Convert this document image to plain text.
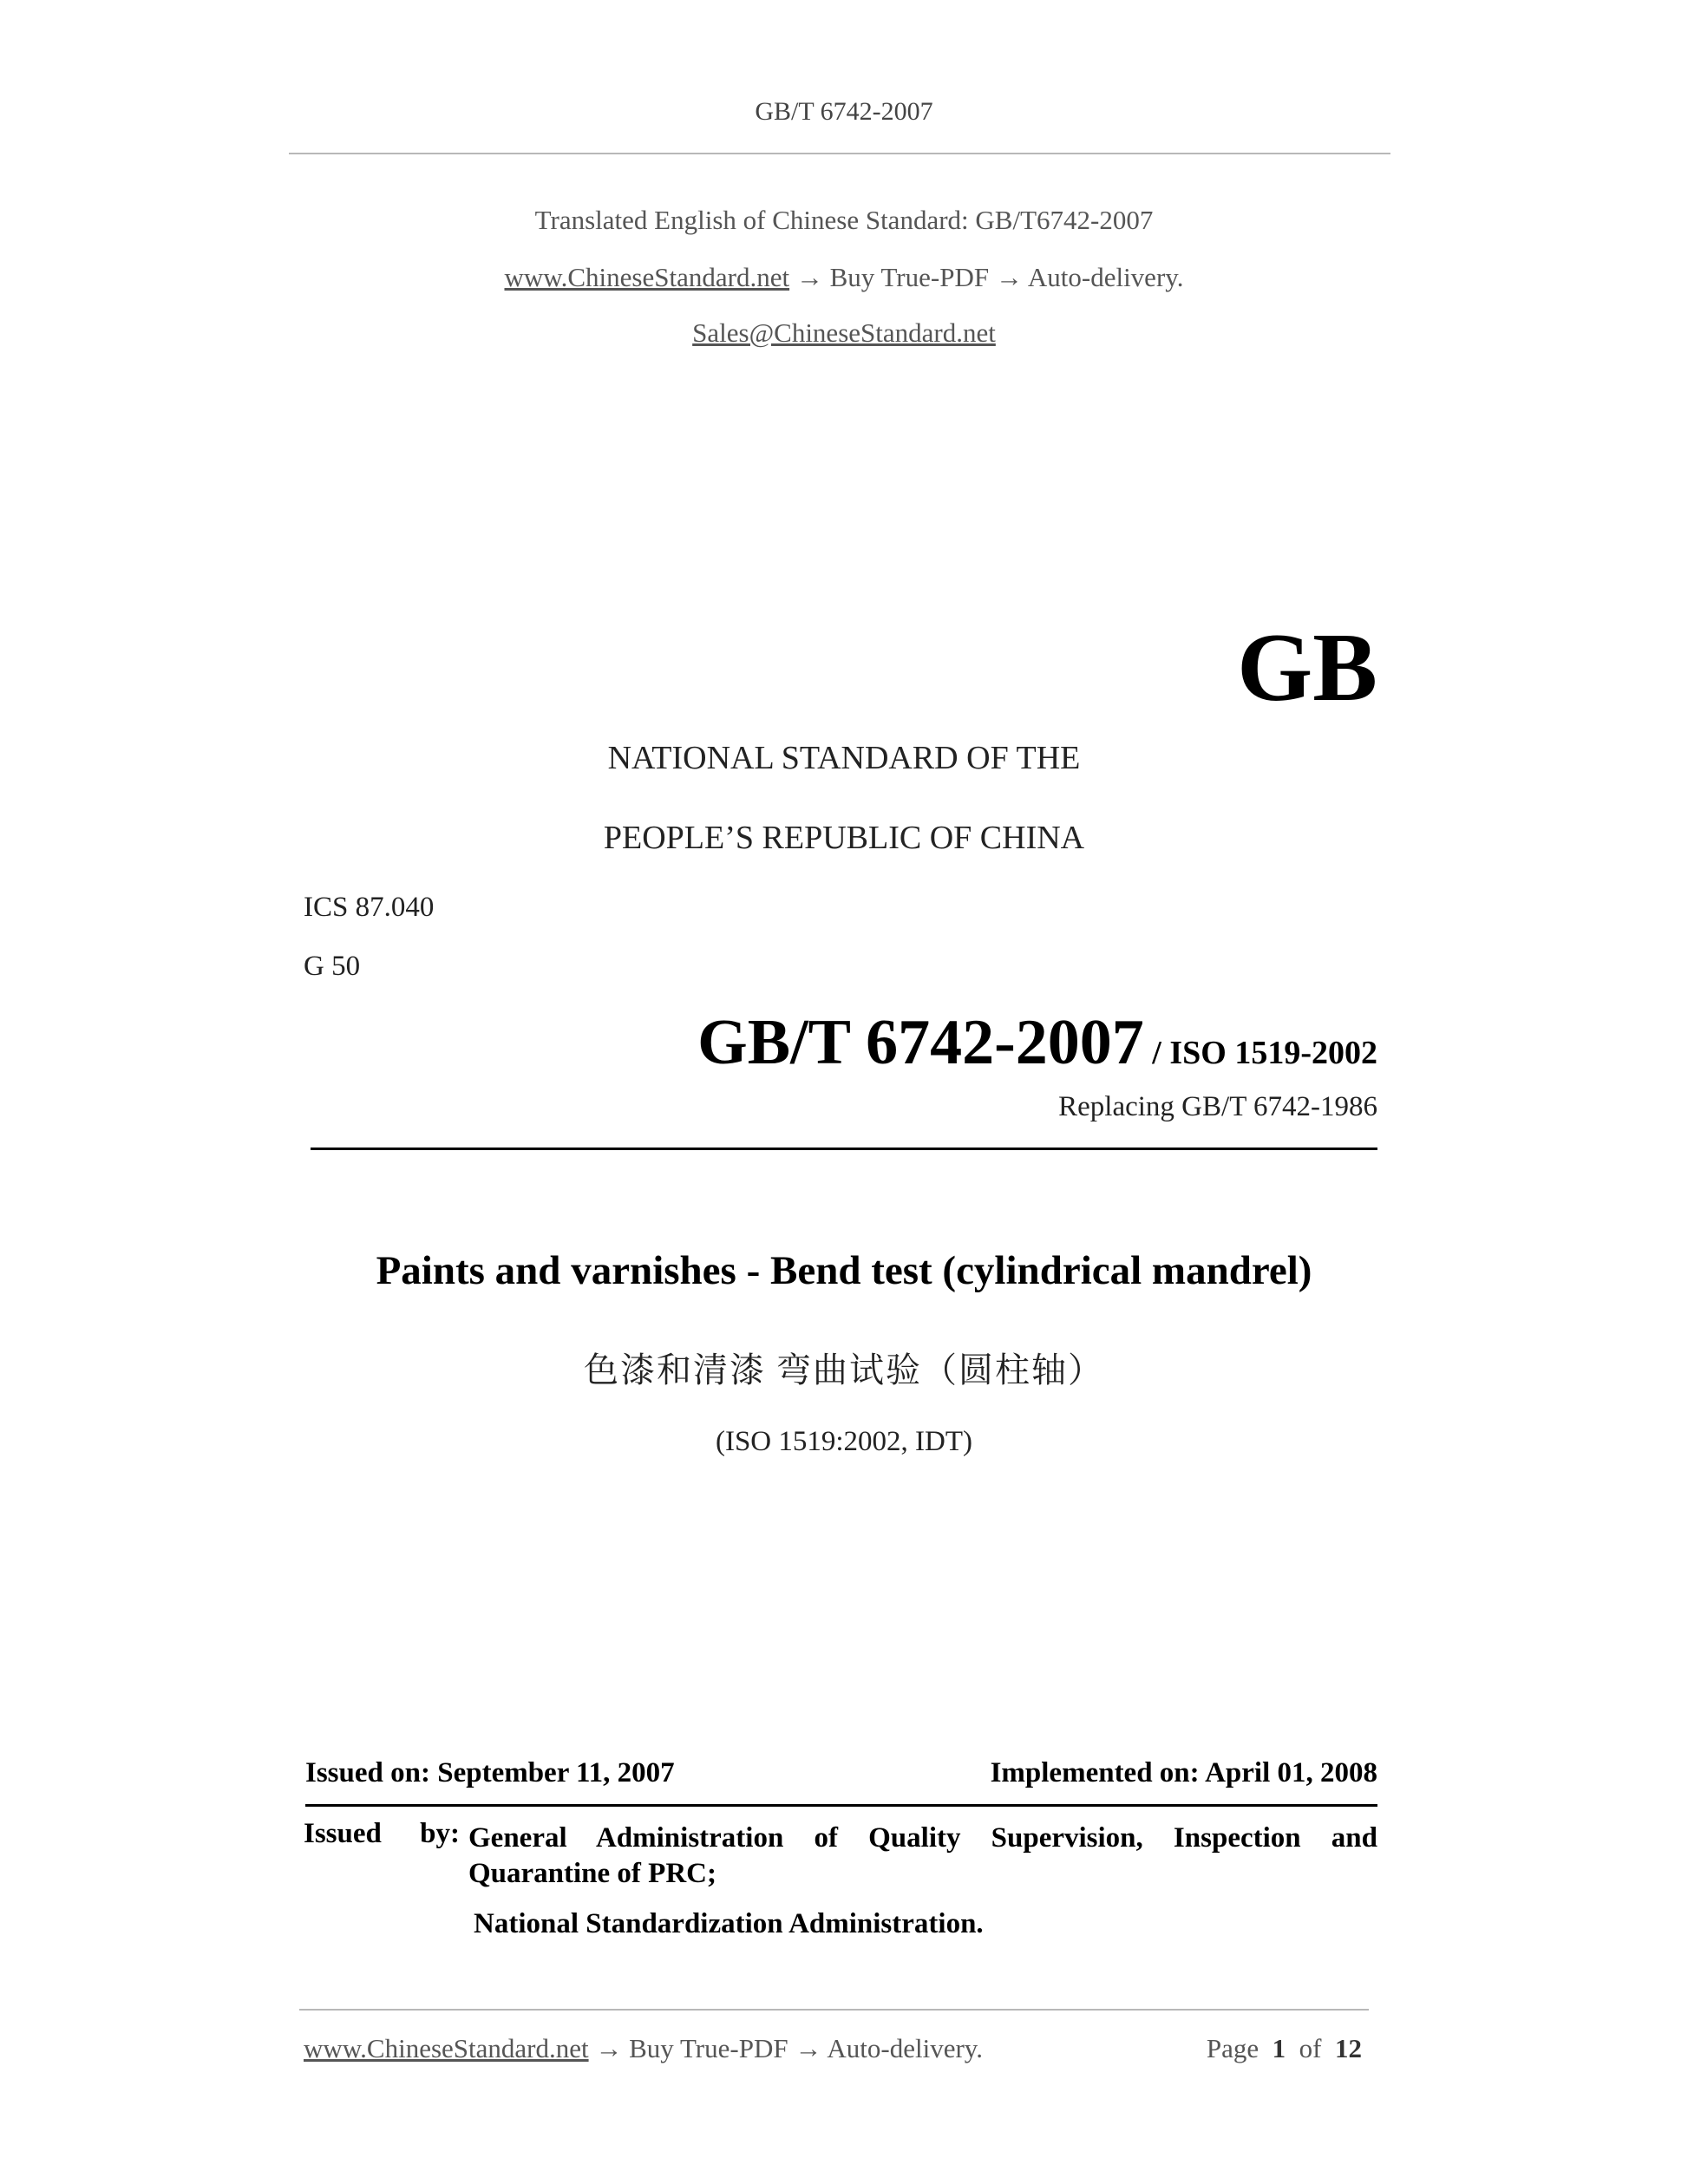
GB/T 6742-2007
Translated English of Chinese Standard: GB/T6742-2007
www.ChineseStandard.net → Buy True-PDF → Auto-delivery.
Sales@ChineseStandard.net
GB
NATIONAL STANDARD OF THE
PEOPLE’S REPUBLIC OF CHINA
ICS 87.040
G 50
GB/T 6742-2007 / ISO 1519-2002
Replacing GB/T 6742-1986
Paints and varnishes - Bend test (cylindrical mandrel)
色漆和清漆 弯曲试验（圆柱轴）
(ISO 1519:2002, IDT)
Issued on: September 11, 2007	Implemented on: April 01, 2008
Issued by: General Administration of Quality Supervision, Inspection and
Quarantine of PRC;
National Standardization Administration.
www.ChineseStandard.net → Buy True-PDF → Auto-delivery.	Page 1 of 12
